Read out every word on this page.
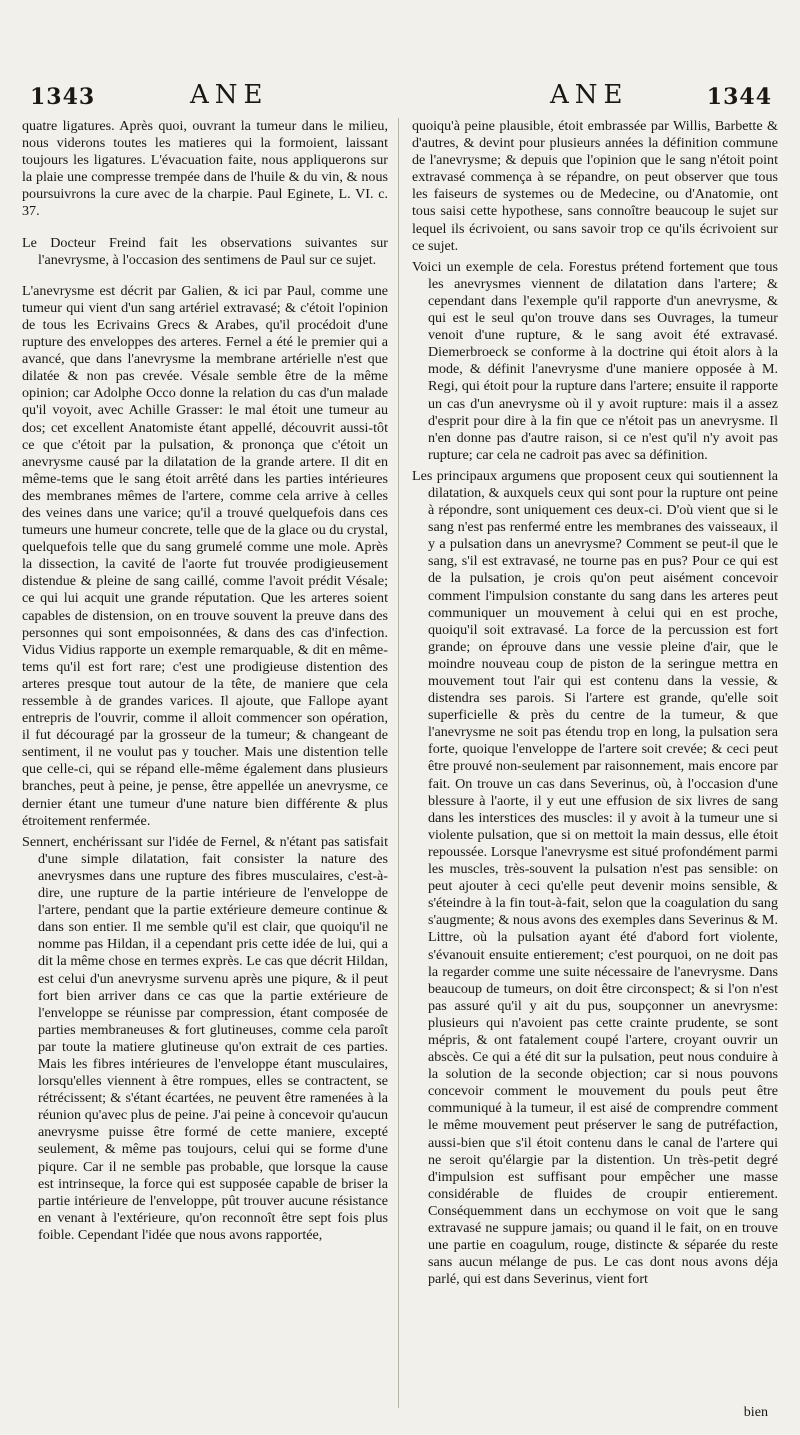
1343	ANE	ANE	1344

quatre ligatures. Après quoi, ouvrant la tumeur dans le milieu, nous viderons toutes les matieres qui la formoient, laissant toujours les ligatures. L'évacuation faite, nous appliquerons sur la plaie une compresse trempée dans de l'huile & du vin, & nous poursuivrons la cure avec de la charpie. Paul Eginete, L. VI. c. 37.

Le Docteur Freind fait les observations suivantes sur l'anevrysme, à l'occasion des sentimens de Paul sur ce sujet.

L'anevrysme est décrit par Galien, & ici par Paul, comme une tumeur qui vient d'un sang artériel extravasé; & c'étoit l'opinion de tous les Ecrivains Grecs & Arabes, qu'il procédoit d'une rupture des enveloppes des arteres. Fernel a été le premier qui a avancé, que dans l'anevrysme la membrane artérielle n'est que dilatée & non pas crevée. Vésale semble être de la même opinion; car Adolphe Occo donne la relation du cas d'un malade qu'il voyoit, avec Achille Grasser: le mal étoit une tumeur au dos; cet excellent Anatomiste étant appellé, découvrit aussi-tôt ce que c'étoit par la pulsation, & prononça que c'étoit un anevrysme causé par la dilatation de la grande artere. Il dit en même-tems que le sang étoit arrêté dans les parties intérieures des membranes mêmes de l'artere, comme cela arrive à celles des veines dans une varice; qu'il a trouvé quelquefois dans ces tumeurs une humeur concrete, telle que de la glace ou du crystal, quelquefois telle que du sang grumelé comme une mole. Après la dissection, la cavité de l'aorte fut trouvée prodigieusement distendue & pleine de sang caillé, comme l'avoit prédit Vésale; ce qui lui acquit une grande réputation. Que les arteres soient capables de distension, on en trouve souvent la preuve dans des personnes qui sont empoisonnées, & dans des cas d'infection. Vidus Vidius rapporte un exemple remarquable, & dit en même-tems qu'il est fort rare; c'est une prodigieuse distention des arteres presque tout autour de la tête, de maniere que cela ressemble à de grandes varices. Il ajoute, que Fallope ayant entrepris de l'ouvrir, comme il alloit commencer son opération, il fut découragé par la grosseur de la tumeur; & changeant de sentiment, il ne voulut pas y toucher. Mais une distention telle que celle-ci, qui se répand elle-même également dans plusieurs branches, peut à peine, je pense, être appellée un anevrysme, ce dernier étant une tumeur d'une nature bien différente & plus étroitement renfermée.

Sennert, enchérissant sur l'idée de Fernel, & n'étant pas satisfait d'une simple dilatation, fait consister la nature des anevrysmes dans une rupture des fibres musculaires, c'est-à-dire, une rupture de la partie intérieure de l'enveloppe de l'artere, pendant que la partie extérieure demeure continue & dans son entier. Il me semble qu'il est clair, que quoiqu'il ne nomme pas Hildan, il a cependant pris cette idée de lui, qui a dit la même chose en termes exprès. Le cas que décrit Hildan, est celui d'un anevrysme survenu après une piqure, & il peut fort bien arriver dans ce cas que la partie extérieure de l'enveloppe se réunisse par compression, étant composée de parties membraneuses & fort glutineuses, comme cela paroît par toute la matiere glutineuse qu'on extrait de ces parties. Mais les fibres intérieures de l'enveloppe étant musculaires, lorsqu'elles viennent à être rompues, elles se contractent, se rétrécissent; & s'étant écartées, ne peuvent être ramenées à la réunion qu'avec plus de peine. J'ai peine à concevoir qu'aucun anevrysme puisse être formé de cette maniere, excepté seulement, & même pas toujours, celui qui se forme d'une piqure. Car il ne semble pas probable, que lorsque la cause est intrinseque, la force qui est supposée capable de briser la partie intérieure de l'enveloppe, pût trouver aucune résistance en venant à l'extérieure, qu'on reconnoît être sept fois plus foible. Cependant l'idée que nous avons rapportée,

quoiqu'à peine plausible, étoit embrassée par Willis, Barbette & d'autres, & devint pour plusieurs années la définition commune de l'anevrysme; & depuis que l'opinion que le sang n'étoit point extravasé commença à se répandre, on peut observer que tous les faiseurs de systemes ou de Medecine, ou d'Anatomie, ont tous saisi cette hypothese, sans connoître beaucoup le sujet sur lequel ils écrivoient, ou sans savoir trop ce qu'ils écrivoient sur ce sujet.

Voici un exemple de cela. Forestus prétend fortement que tous les anevrysmes viennent de dilatation dans l'artere; & cependant dans l'exemple qu'il rapporte d'un anevrysme, & qui est le seul qu'on trouve dans ses Ouvrages, la tumeur venoit d'une rupture, & le sang avoit été extravasé. Diemerbroeck se conforme à la doctrine qui étoit alors à la mode, & définit l'anevrysme d'une maniere opposée à M. Regi, qui étoit pour la rupture dans l'artere; ensuite il rapporte un cas d'un anevrysme où il y avoit rupture: mais il a assez d'esprit pour dire à la fin que ce n'étoit pas un anevrysme. Il n'en donne pas d'autre raison, si ce n'est qu'il n'y avoit pas rupture; car cela ne cadroit pas avec sa définition.

Les principaux argumens que proposent ceux qui soutiennent la dilatation, & auxquels ceux qui sont pour la rupture ont peine à répondre, sont uniquement ces deux-ci. D'où vient que si le sang n'est pas renfermé entre les membranes des vaisseaux, il y a pulsation dans un anevrysme? Comment se peut-il que le sang, s'il est extravasé, ne tourne pas en pus? Pour ce qui est de la pulsation, je crois qu'on peut aisément concevoir comment l'impulsion constante du sang dans les arteres peut communiquer un mouvement à celui qui en est proche, quoiqu'il soit extravasé. La force de la percussion est fort grande; on éprouve dans une vessie pleine d'air, que le moindre nouveau coup de piston de la seringue mettra en mouvement tout l'air qui est contenu dans la vessie, & distendra ses parois. Si l'artere est grande, qu'elle soit superficielle & près du centre de la tumeur, & que l'anevrysme ne soit pas étendu trop en long, la pulsation sera forte, quoique l'enveloppe de l'artere soit crevée; & ceci peut être prouvé non-seulement par raisonnement, mais encore par fait. On trouve un cas dans Severinus, où, à l'occasion d'une blessure à l'aorte, il y eut une effusion de six livres de sang dans les interstices des muscles: il y avoit à la tumeur une si violente pulsation, que si on mettoit la main dessus, elle étoit repoussée. Lorsque l'anevrysme est situé profondément parmi les muscles, très-souvent la pulsation n'est pas sensible: on peut ajouter à ceci qu'elle peut devenir moins sensible, & s'éteindre à la fin tout-à-fait, selon que la coagulation du sang s'augmente; & nous avons des exemples dans Severinus & M. Littre, où la pulsation ayant été d'abord fort violente, s'évanouit ensuite entierement; c'est pourquoi, on ne doit pas la regarder comme une suite nécessaire de l'anevrysme. Dans beaucoup de tumeurs, on doit être circonspect; & si l'on n'est pas assuré qu'il y ait du pus, soupçonner un anevrysme: plusieurs qui n'avoient pas cette crainte prudente, se sont mépris, & ont fatalement coupé l'artere, croyant ouvrir un abscès. Ce qui a été dit sur la pulsation, peut nous conduire à la solution de la seconde objection; car si nous pouvons concevoir comment le mouvement du pouls peut être communiqué à la tumeur, il est aisé de comprendre comment le même mouvement peut préserver le sang de putréfaction, aussi-bien que s'il étoit contenu dans le canal de l'artere qui ne seroit qu'élargie par la distention. Un très-petit degré d'impulsion est suffisant pour empêcher une masse considérable de fluides de croupir entierement. Conséquemment dans un ecchymose on voit que le sang extravasé ne suppure jamais; ou quand il le fait, on en trouve une partie en coagulum, rouge, distincte & séparée du reste sans aucun mélange de pus. Le cas dont nous avons déja parlé, qui est dans Severinus, vient fort

bien
